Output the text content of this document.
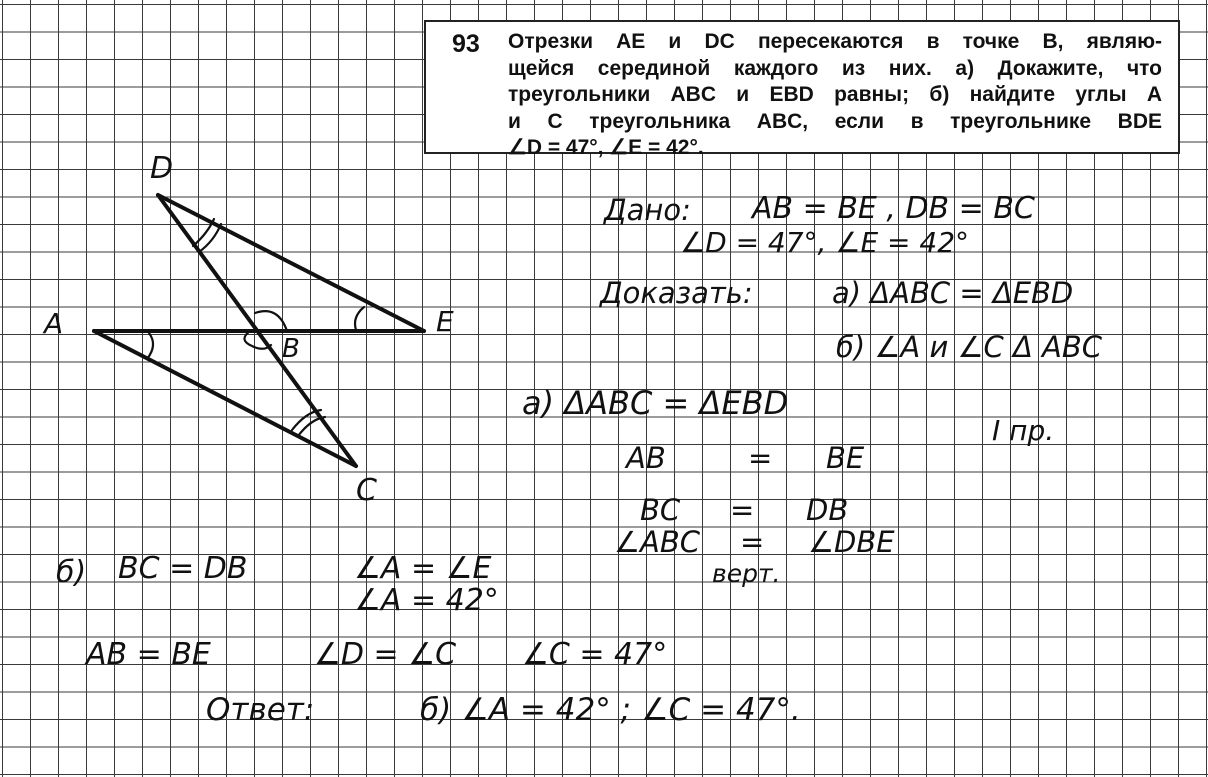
93 Отрезки AE и DC пересекаются в точке B, являю-
щейся серединой каждого из них. а) Докажите, что
треугольники ABC и EBD равны; б) найдите углы A
и C треугольника ABC, если в треугольнике BDE
∠D = 47°, ∠E = 42°.
D
A	E
B
C
Дано: AB = BE , DB = BC
∠D = 47°, ∠E = 42°
Доказать:	а) ΔABC = ΔEBD
б) ∠A и ∠C Δ ABC
а) ΔABC = ΔEBD
I пр.
AB	= BE
BC = DB
∠ABC = ∠DBE
верт.
б) BC = DB	∠A = ∠E
∠A = 42°
AB = BE	∠D = ∠C ∠C = 47°
Ответ:	б) ∠A = 42° ; ∠C = 47°.
